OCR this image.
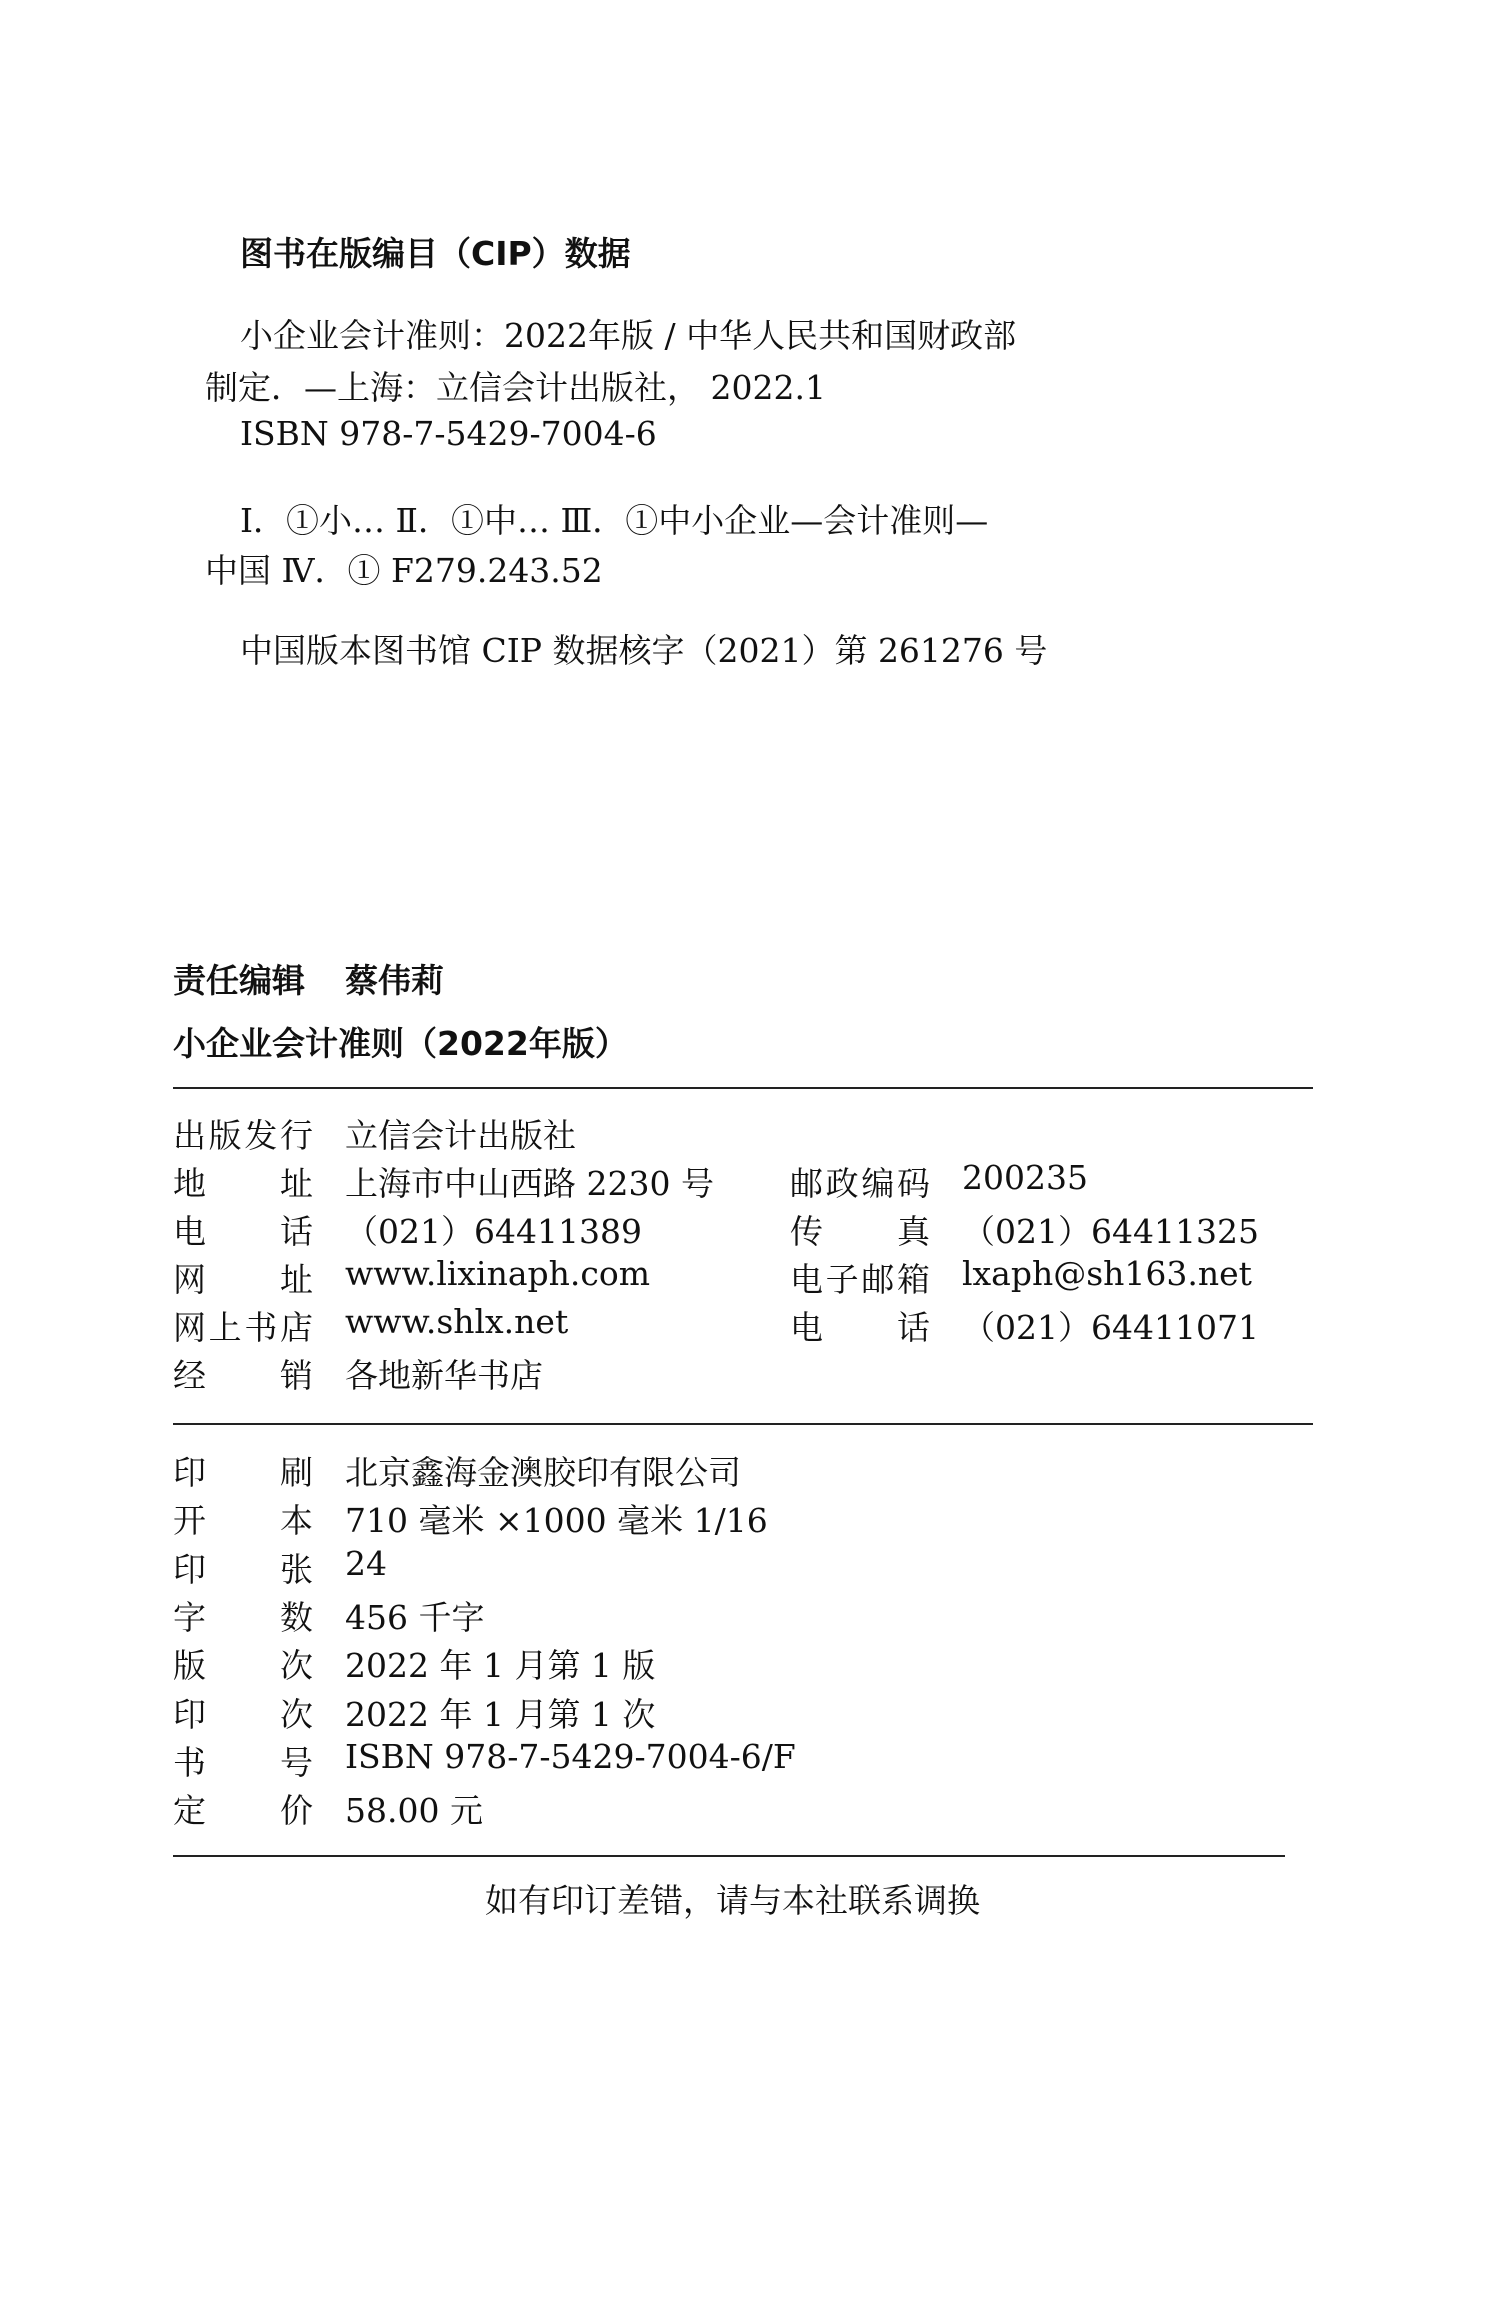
图书在版编目（CIP）数据
小企业会计准则：2022年版 / 中华人民共和国财政部
制定．—上海：立信会计出版社， 2022.1
ISBN 978-7-5429-7004-6
Ⅰ．①小… Ⅱ．①中… Ⅲ．①中小企业—会计准则—
中国 Ⅳ．① F279.243.52
中国版本图书馆 CIP 数据核字（2021）第 261276 号
责任编辑 蔡伟莉
小企业会计准则（2022年版）
出版发行 立信会计出版社
地址 上海市中山西路 2230 号 邮政编码 200235
电话 （021）64411389	传真 （021）64411325
网址 www.lixinaph.com	电子邮箱 lxaph@sh163.net
网上书店 www.shlx.net	电话 （021）64411071
经销 各地新华书店
印刷 北京鑫海金澳胶印有限公司
开本 710 毫米 ×1000 毫米 1/16
印张 24
字数 456 千字
版次 2022 年 1 月第 1 版
印次 2022 年 1 月第 1 次
书号 ISBN 978-7-5429-7004-6/F
定价 58.00 元
如有印订差错，请与本社联系调换
